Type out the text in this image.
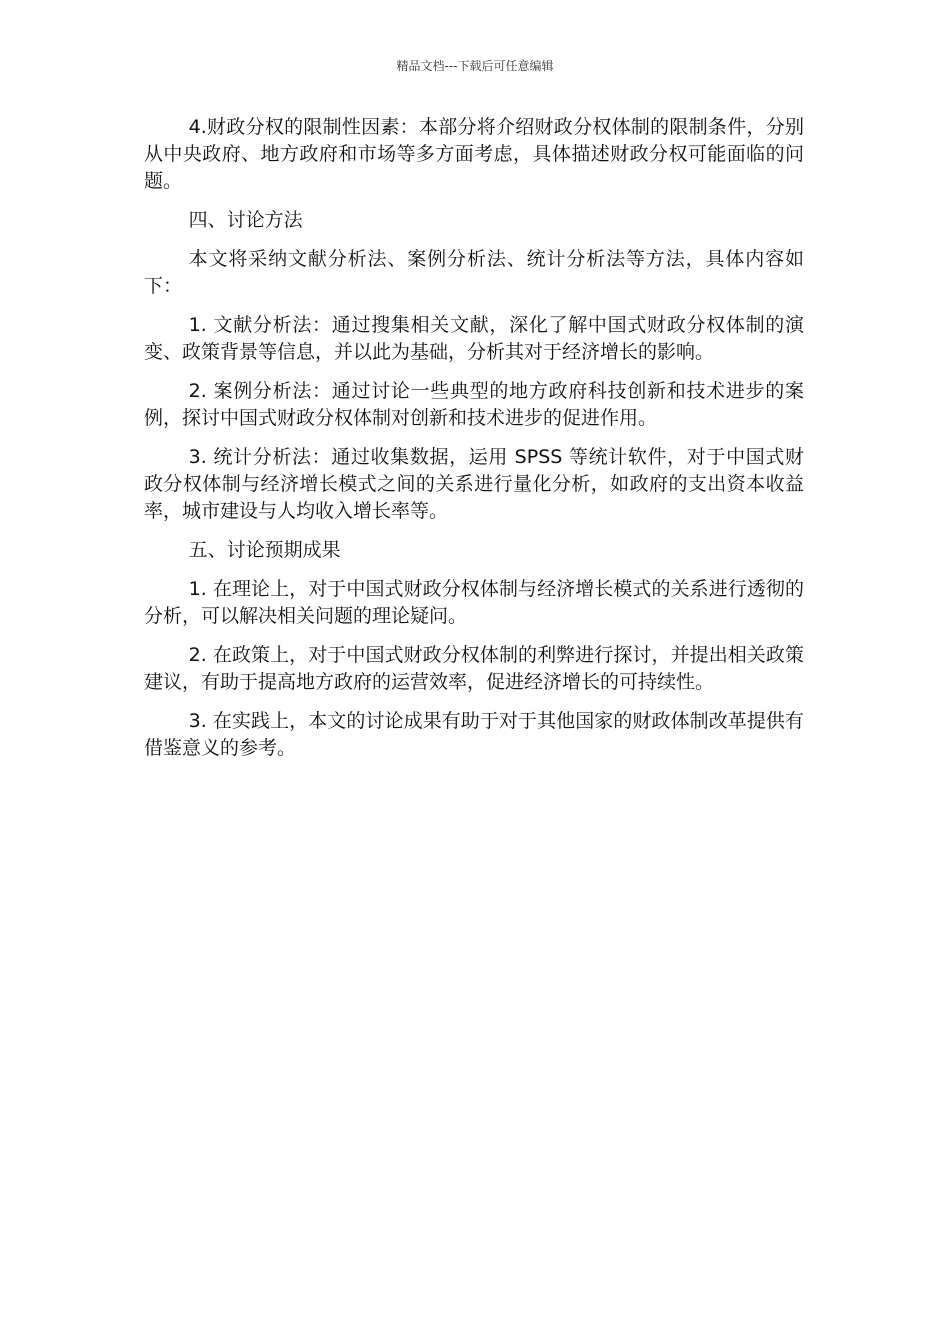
精品文档---下载后可任意编辑

4.财政分权的限制性因素：本部分将介绍财政分权体制的限制条件，分别从中央政府、地方政府和市场等多方面考虑，具体描述财政分权可能面临的问题。

四、讨论方法

本文将采纳文献分析法、案例分析法、统计分析法等方法，具体内容如下：

1. 文献分析法：通过搜集相关文献，深化了解中国式财政分权体制的演变、政策背景等信息，并以此为基础，分析其对于经济增长的影响。

2. 案例分析法：通过讨论一些典型的地方政府科技创新和技术进步的案例，探讨中国式财政分权体制对创新和技术进步的促进作用。

3. 统计分析法：通过收集数据，运用 SPSS 等统计软件，对于中国式财政分权体制与经济增长模式之间的关系进行量化分析，如政府的支出资本收益率，城市建设与人均收入增长率等。

五、讨论预期成果

1. 在理论上，对于中国式财政分权体制与经济增长模式的关系进行透彻的分析，可以解决相关问题的理论疑问。

2. 在政策上，对于中国式财政分权体制的利弊进行探讨，并提出相关政策建议，有助于提高地方政府的运营效率，促进经济增长的可持续性。

3. 在实践上，本文的讨论成果有助于对于其他国家的财政体制改革提供有借鉴意义的参考。
